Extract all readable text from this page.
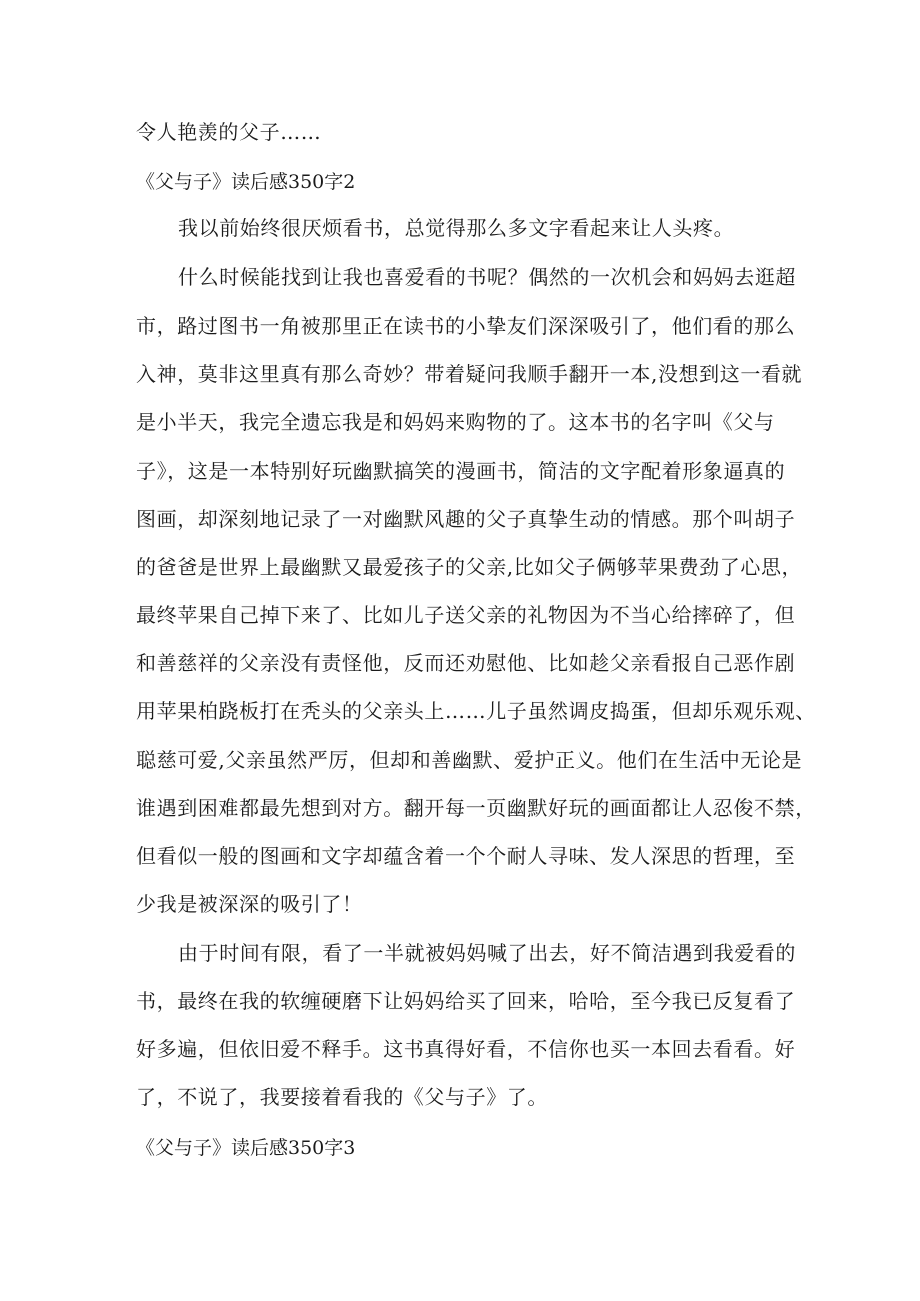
令人艳羡的父子……
《父与子》读后感350字2
我以前始终很厌烦看书，总觉得那么多文字看起来让人头疼。
什么时候能找到让我也喜爱看的书呢？偶然的一次机会和妈妈去逛超
市，路过图书一角被那里正在读书的小挚友们深深吸引了，他们看的那么
入神，莫非这里真有那么奇妙？带着疑问我顺手翻开一本,没想到这一看就
是小半天，我完全遗忘我是和妈妈来购物的了。这本书的名字叫《父与
子》，这是一本特别好玩幽默搞笑的漫画书，简洁的文字配着形象逼真的
图画，却深刻地记录了一对幽默风趣的父子真挚生动的情感。那个叫胡子
的爸爸是世界上最幽默又最爱孩子的父亲,比如父子俩够苹果费劲了心思，
最终苹果自己掉下来了、比如儿子送父亲的礼物因为不当心给摔碎了，但
和善慈祥的父亲没有责怪他，反而还劝慰他、比如趁父亲看报自己恶作剧
用苹果柏跷板打在秃头的父亲头上……儿子虽然调皮捣蛋，但却乐观乐观、
聪慈可爱,父亲虽然严厉，但却和善幽默、爱护正义。他们在生活中无论是
谁遇到困难都最先想到对方。翻开每一页幽默好玩的画面都让人忍俊不禁，
但看似一般的图画和文字却蕴含着一个个耐人寻味、发人深思的哲理，至
少我是被深深的吸引了！
由于时间有限，看了一半就被妈妈喊了出去，好不简洁遇到我爱看的
书，最终在我的软缠硬磨下让妈妈给买了回来，哈哈，至今我已反复看了
好多遍，但依旧爱不释手。这书真得好看，不信你也买一本回去看看。好
了，不说了，我要接着看我的《父与子》了。
《父与子》读后感350字3
